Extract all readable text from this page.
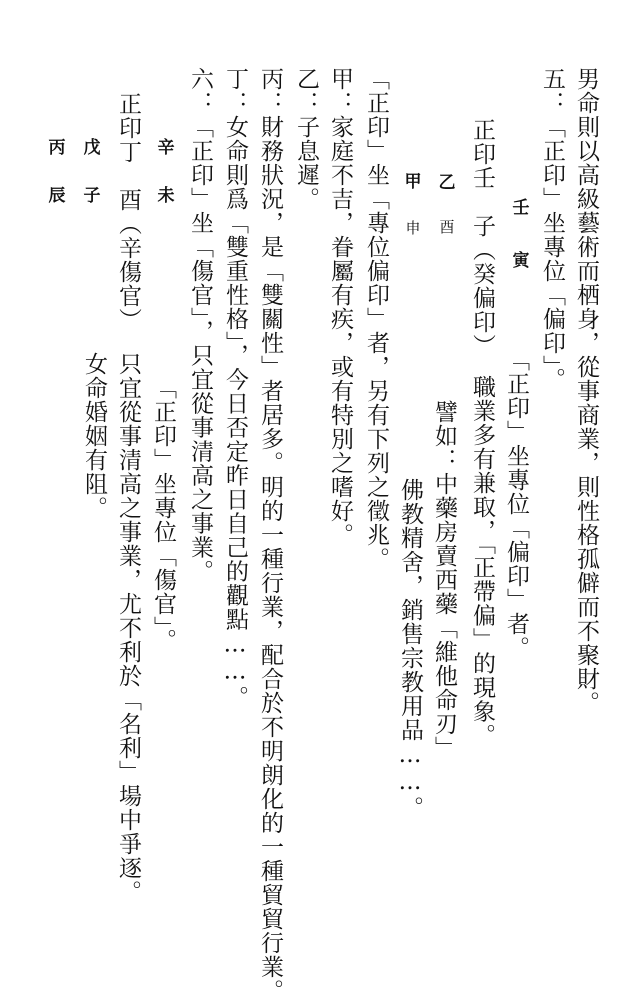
男命則以高級藝術而栖身，從事商業，則性格孤僻而不聚財。
五：「正印」坐專位「偏印」。
「正印」坐專位「偏印」者。
正印壬　子（癸偏印）
職業多有兼取，「正帶偏」的現象。
譬如：中藥房賣西藥「維他命刃」
佛教精舍，銷售宗教用品……。
「正印」坐「專位偏印」者，另有下列之徵兆。
甲：家庭不吉，眷屬有疾，或有特別之嗜好。
乙：子息遲。
丙：財務狀況，是「雙關性」者居多。明的一種行業，配合於不明朗化的一種貿貿行業。
丁：女命則爲「雙重性格」，今日否定昨日自己的觀點……。
六：「正印」坐「傷官」，只宜從事清高之事業。
「正印」坐專位「傷官」。
正印丁　酉（辛傷官）
只宜從事清高之事業，尤不利於「名利」場中爭逐。
女命婚姻有阻。
壬
寅
乙
酉
甲
申
辛
未
戊
子
丙
辰
